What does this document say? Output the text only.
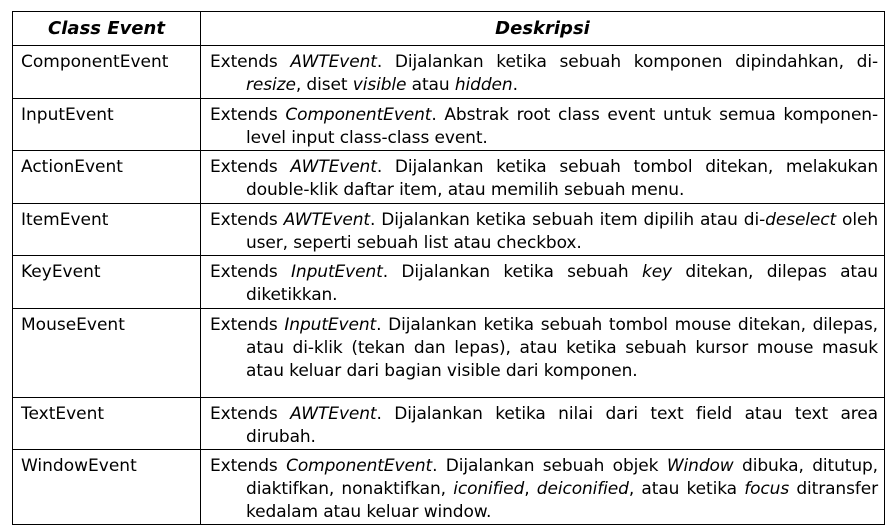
Class Event	Deskripsi
ComponentEvent	Extends AWTEvent. Dijalankan ketika sebuah komponen dipindahkan, di-resize, diset visible atau hidden.

InputEvent	Extends ComponentEvent. Abstrak root class event untuk semua komponen-level input class-class event.

ActionEvent	Extends AWTEvent. Dijalankan ketika sebuah tombol ditekan, melakukan double-klik daftar item, atau memilih sebuah menu.

ItemEvent	Extends AWTEvent. Dijalankan ketika sebuah item dipilih atau di-deselect oleh user, seperti sebuah list atau checkbox.

KeyEvent	Extends InputEvent. Dijalankan ketika sebuah key ditekan, dilepas atau diketikkan.

MouseEvent	Extends InputEvent. Dijalankan ketika sebuah tombol mouse ditekan, dilepas, atau di-klik (tekan dan lepas), atau ketika sebuah kursor mouse masuk atau keluar dari bagian visible dari komponen.

TextEvent	Extends AWTEvent. Dijalankan ketika nilai dari text field atau text area dirubah.

WindowEvent	Extends ComponentEvent. Dijalankan sebuah objek Window dibuka, ditutup, diaktifkan, nonaktifkan, iconified, deiconified, atau ketika focus ditransfer kedalam atau keluar window.
